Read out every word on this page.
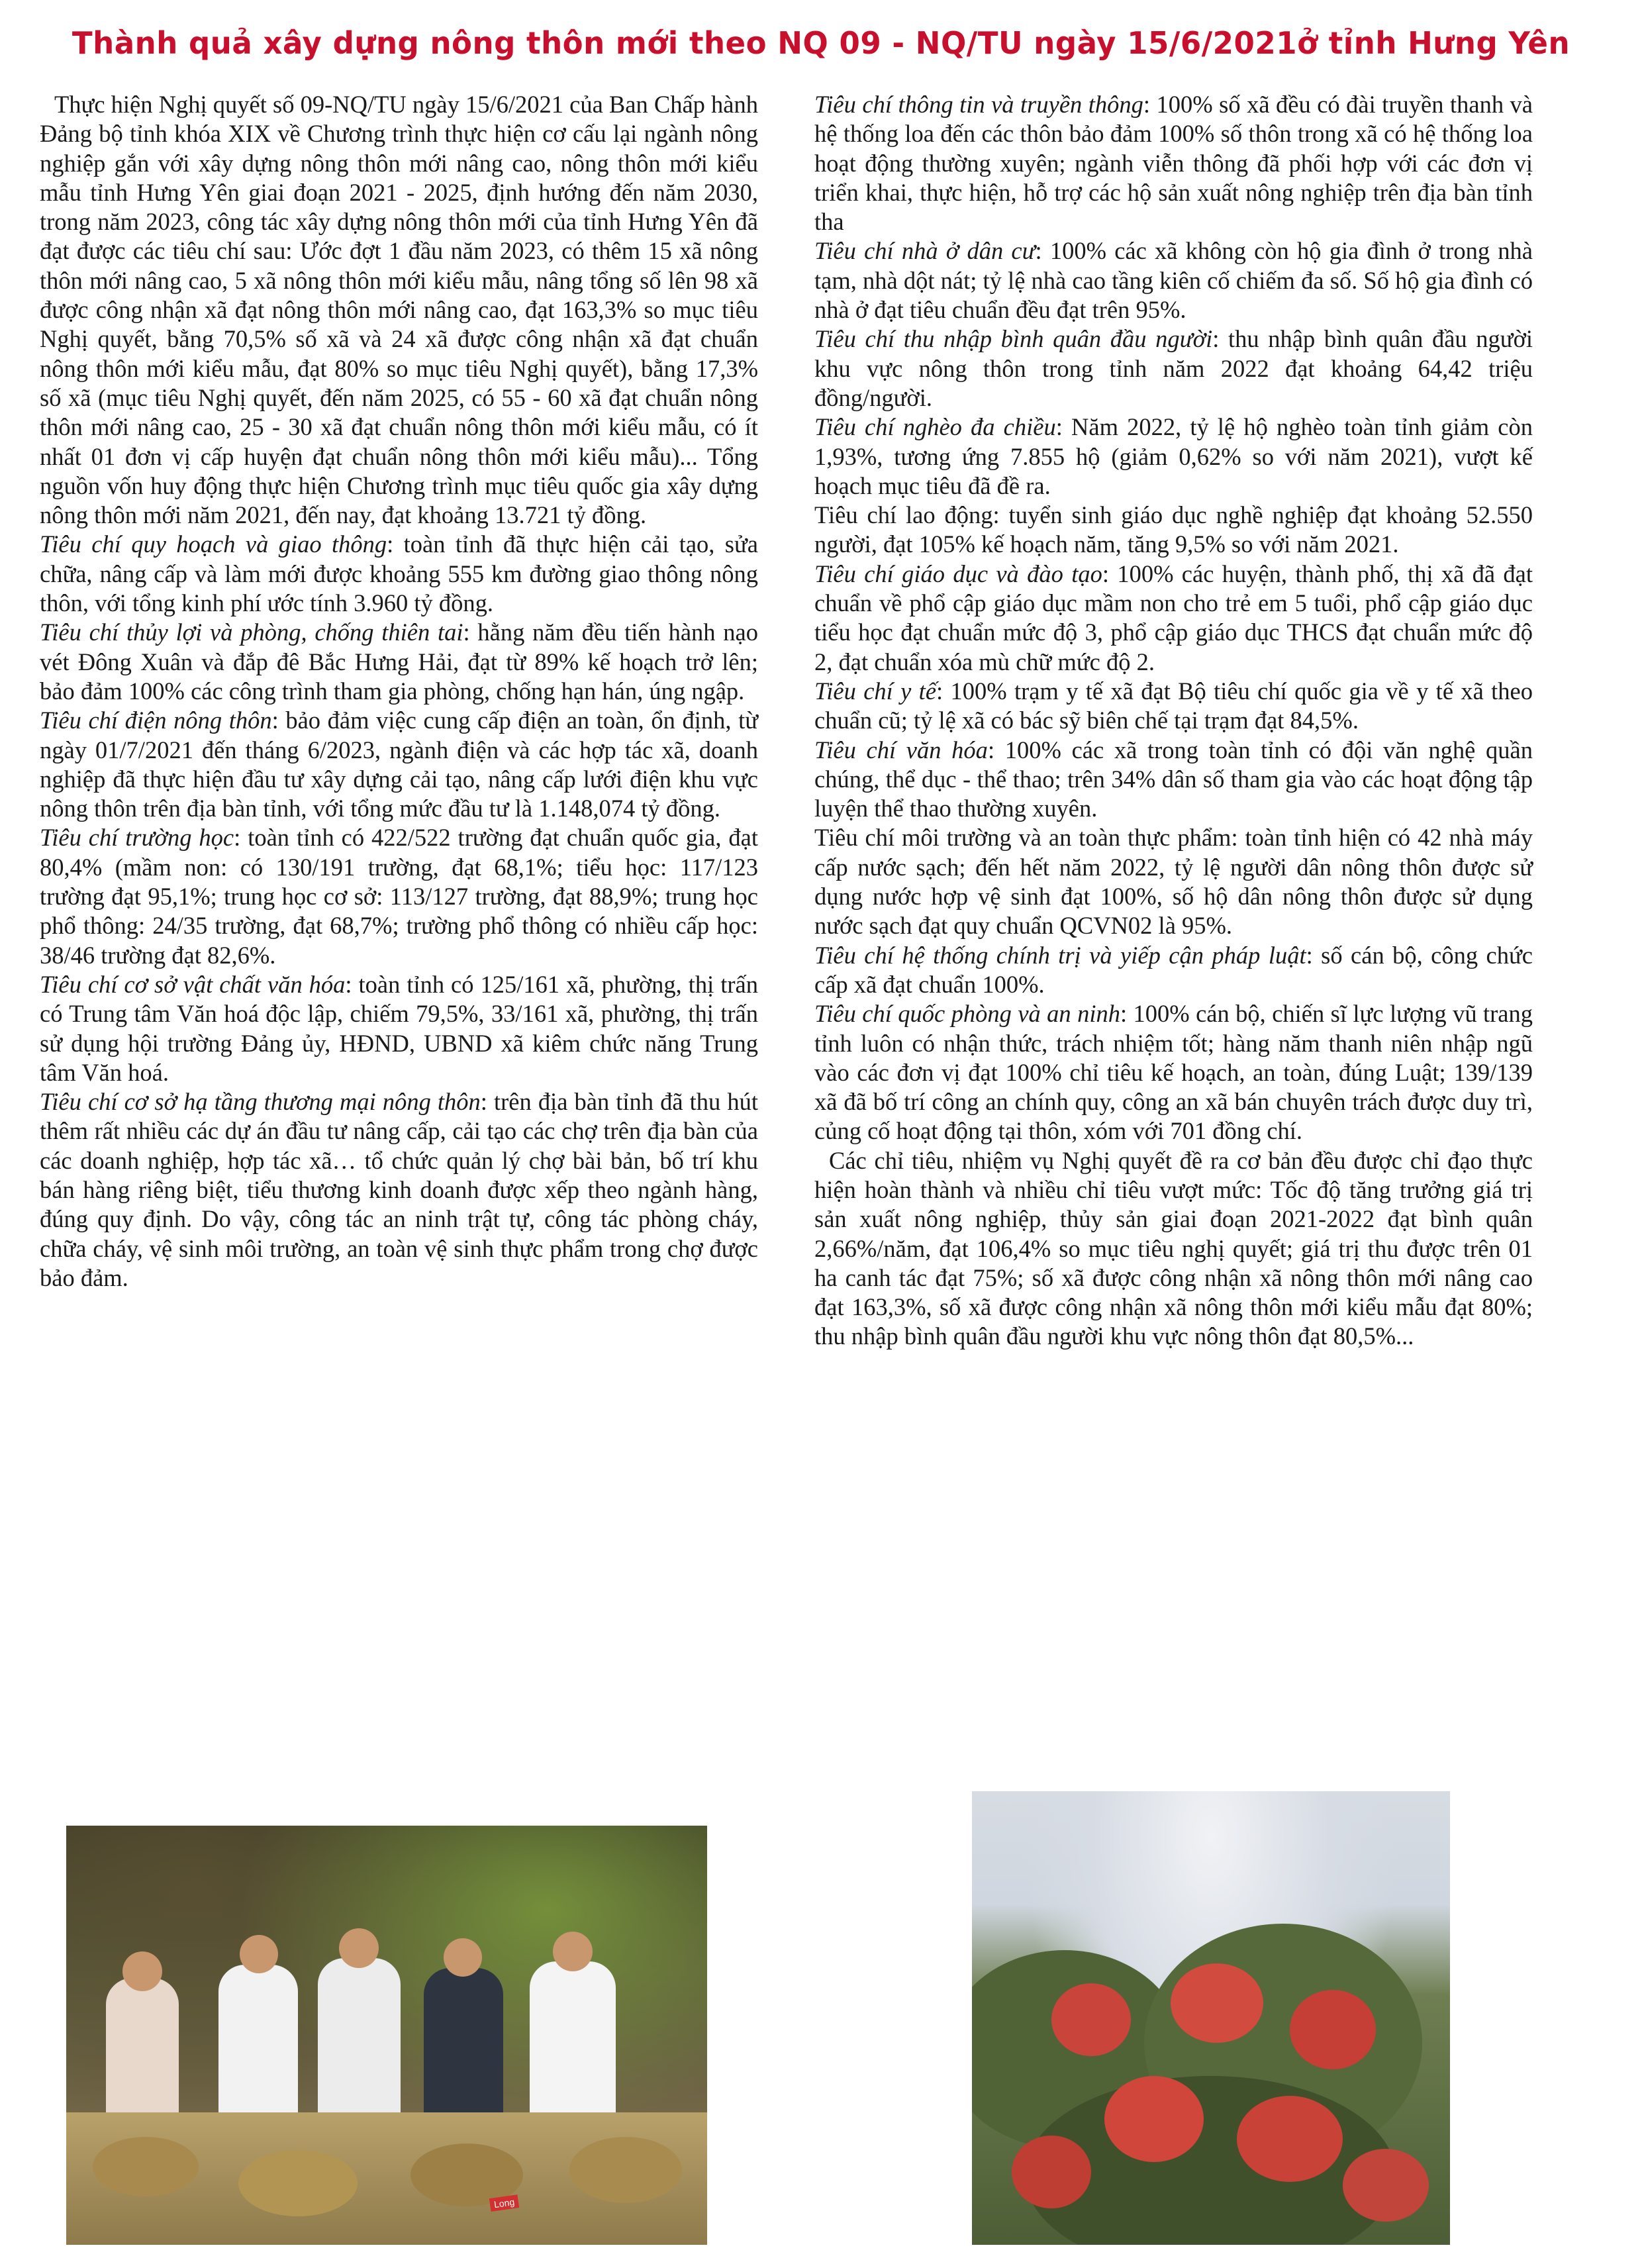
Thành quả xây dựng nông thôn mới theo NQ 09 - NQ/TU ngày 15/6/2021ở tỉnh Hưng Yên

Thực hiện Nghị quyết số 09-NQ/TU ngày 15/6/2021 của Ban Chấp hành Đảng bộ tỉnh khóa XIX về Chương trình thực hiện cơ cấu lại ngành nông nghiệp gắn với xây dựng nông thôn mới nâng cao, nông thôn mới kiểu mẫu tỉnh Hưng Yên giai đoạn 2021 - 2025, định hướng đến năm 2030, trong năm 2023, công tác xây dựng nông thôn mới của tỉnh Hưng Yên đã đạt được các tiêu chí sau: Ước đợt 1 đầu năm 2023, có thêm 15 xã nông thôn mới nâng cao, 5 xã nông thôn mới kiểu mẫu, nâng tổng số lên 98 xã được công nhận xã đạt nông thôn mới nâng cao, đạt 163,3% so mục tiêu Nghị quyết, bằng 70,5% số xã và 24 xã được công nhận xã đạt chuẩn nông thôn mới kiểu mẫu, đạt 80% so mục tiêu Nghị quyết), bằng 17,3% số xã (mục tiêu Nghị quyết, đến năm 2025, có 55 - 60 xã đạt chuẩn nông thôn mới nâng cao, 25 - 30 xã đạt chuẩn nông thôn mới kiểu mẫu, có ít nhất 01 đơn vị cấp huyện đạt chuẩn nông thôn mới kiểu mẫu)... Tổng nguồn vốn huy động thực hiện Chương trình mục tiêu quốc gia xây dựng nông thôn mới năm 2021, đến nay, đạt khoảng 13.721 tỷ đồng.

Tiêu chí quy hoạch và giao thông: toàn tỉnh đã thực hiện cải tạo, sửa chữa, nâng cấp và làm mới được khoảng 555 km đường giao thông nông thôn, với tổng kinh phí ước tính 3.960 tỷ đồng.

Tiêu chí thủy lợi và phòng, chống thiên tai: hằng năm đều tiến hành nạo vét Đông Xuân và đắp đê Bắc Hưng Hải, đạt từ 89% kế hoạch trở lên; bảo đảm 100% các công trình tham gia phòng, chống hạn hán, úng ngập.

Tiêu chí điện nông thôn: bảo đảm việc cung cấp điện an toàn, ổn định, từ ngày 01/7/2021 đến tháng 6/2023, ngành điện và các hợp tác xã, doanh nghiệp đã thực hiện đầu tư xây dựng cải tạo, nâng cấp lưới điện khu vực nông thôn trên địa bàn tỉnh, với tổng mức đầu tư là 1.148,074 tỷ đồng.

Tiêu chí trường học: toàn tỉnh có 422/522 trường đạt chuẩn quốc gia, đạt 80,4% (mầm non: có 130/191 trường, đạt 68,1%; tiểu học: 117/123 trường đạt 95,1%; trung học cơ sở: 113/127 trường, đạt 88,9%; trung học phổ thông: 24/35 trường, đạt 68,7%; trường phổ thông có nhiều cấp học: 38/46 trường đạt 82,6%.

Tiêu chí cơ sở vật chất văn hóa: toàn tỉnh có 125/161 xã, phường, thị trấn có Trung tâm Văn hoá độc lập, chiếm 79,5%, 33/161 xã, phường, thị trấn sử dụng hội trường Đảng ủy, HĐND, UBND xã kiêm chức năng Trung tâm Văn hoá.

Tiêu chí cơ sở hạ tầng thương mại nông thôn: trên địa bàn tỉnh đã thu hút thêm rất nhiều các dự án đầu tư nâng cấp, cải tạo các chợ trên địa bàn của các doanh nghiệp, hợp tác xã… tổ chức quản lý chợ bài bản, bố trí khu bán hàng riêng biệt, tiểu thương kinh doanh được xếp theo ngành hàng, đúng quy định. Do vậy, công tác an ninh trật tự, công tác phòng cháy, chữa cháy, vệ sinh môi trường, an toàn vệ sinh thực phẩm trong chợ được bảo đảm.

Tiêu chí thông tin và truyền thông: 100% số xã đều có đài truyền thanh và hệ thống loa đến các thôn bảo đảm 100% số thôn trong xã có hệ thống loa hoạt động thường xuyên; ngành viễn thông đã phối hợp với các đơn vị triển khai, thực hiện, hỗ trợ các hộ sản xuất nông nghiệp trên địa bàn tỉnh tha

Tiêu chí nhà ở dân cư: 100% các xã không còn hộ gia đình ở trong nhà tạm, nhà dột nát; tỷ lệ nhà cao tầng kiên cố chiếm đa số. Số hộ gia đình có nhà ở đạt tiêu chuẩn đều đạt trên 95%.

Tiêu chí thu nhập bình quân đầu người: thu nhập bình quân đầu người khu vực nông thôn trong tỉnh năm 2022 đạt khoảng 64,42 triệu đồng/người.

Tiêu chí nghèo đa chiều: Năm 2022, tỷ lệ hộ nghèo toàn tỉnh giảm còn 1,93%, tương ứng 7.855 hộ (giảm 0,62% so với năm 2021), vượt kế hoạch mục tiêu đã đề ra.

Tiêu chí lao động: tuyển sinh giáo dục nghề nghiệp đạt khoảng 52.550 người, đạt 105% kế hoạch năm, tăng 9,5% so với năm 2021.

Tiêu chí giáo dục và đào tạo: 100% các huyện, thành phố, thị xã đã đạt chuẩn về phổ cập giáo dục mầm non cho trẻ em 5 tuổi, phổ cập giáo dục tiểu học đạt chuẩn mức độ 3, phổ cập giáo dục THCS đạt chuẩn mức độ 2, đạt chuẩn xóa mù chữ mức độ 2.

Tiêu chí y tế: 100% trạm y tế xã đạt Bộ tiêu chí quốc gia về y tế xã theo chuẩn cũ; tỷ lệ xã có bác sỹ biên chế tại trạm đạt 84,5%.

Tiêu chí văn hóa: 100% các xã trong toàn tỉnh có đội văn nghệ quần chúng, thể dục - thể thao; trên 34% dân số tham gia vào các hoạt động tập luyện thể thao thường xuyên.

Tiêu chí môi trường và an toàn thực phẩm: toàn tỉnh hiện có 42 nhà máy cấp nước sạch; đến hết năm 2022, tỷ lệ người dân nông thôn được sử dụng nước hợp vệ sinh đạt 100%, số hộ dân nông thôn được sử dụng nước sạch đạt quy chuẩn QCVN02 là 95%.

Tiêu chí hệ thống chính trị và yiếp cận pháp luật: số cán bộ, công chức cấp xã đạt chuẩn 100%.

Tiêu chí quốc phòng và an ninh: 100% cán bộ, chiến sĩ lực lượng vũ trang tỉnh luôn có nhận thức, trách nhiệm tốt; hàng năm thanh niên nhập ngũ vào các đơn vị đạt 100% chỉ tiêu kế hoạch, an toàn, đúng Luật; 139/139 xã đã bố trí công an chính quy, công an xã bán chuyên trách được duy trì, củng cố hoạt động tại thôn, xóm với 701 đồng chí.

Các chỉ tiêu, nhiệm vụ Nghị quyết đề ra cơ bản đều được chỉ đạo thực hiện hoàn thành và nhiều chỉ tiêu vượt mức: Tốc độ tăng trưởng giá trị sản xuất nông nghiệp, thủy sản giai đoạn 2021-2022 đạt bình quân 2,66%/năm, đạt 106,4% so mục tiêu nghị quyết; giá trị thu được trên 01 ha canh tác đạt 75%; số xã được công nhận xã nông thôn mới nâng cao đạt 163,3%, số xã được công nhận xã nông thôn mới kiểu mẫu đạt 80%; thu nhập bình quân đầu người khu vực nông thôn đạt 80,5%...

Long
